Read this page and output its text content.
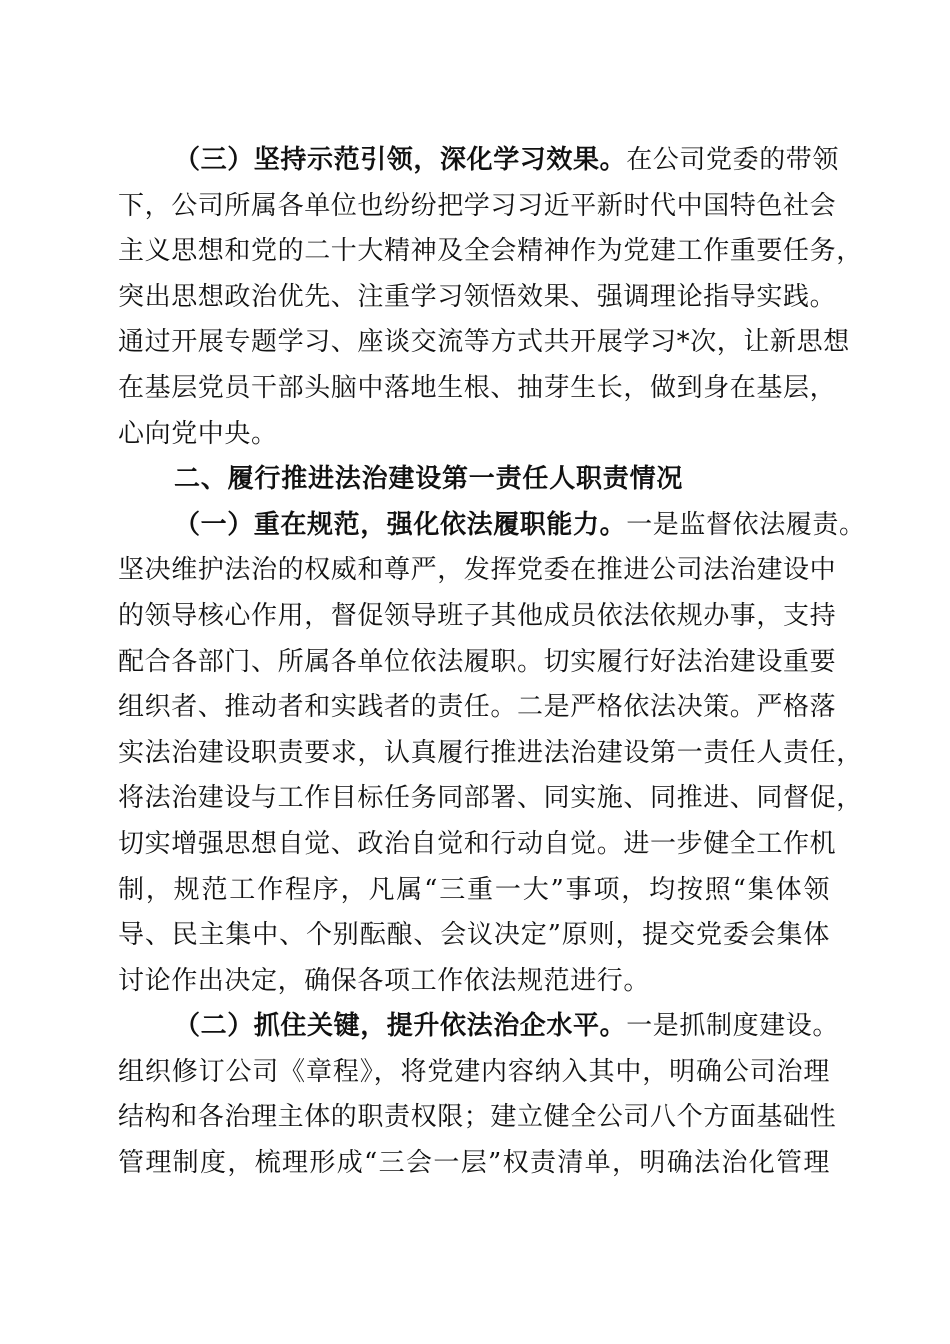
（三）坚持示范引领，深化学习效果。在公司党委的带领
下，公司所属各单位也纷纷把学习习近平新时代中国特色社会
主义思想和党的二十大精神及全会精神作为党建工作重要任务，
突出思想政治优先、注重学习领悟效果、强调理论指导实践。
通过开展专题学习、座谈交流等方式共开展学习*次，让新思想
在基层党员干部头脑中落地生根、抽芽生长，做到身在基层，
心向党中央。
二、履行推进法治建设第一责任人职责情况
（一）重在规范，强化依法履职能力。一是监督依法履责。
坚决维护法治的权威和尊严，发挥党委在推进公司法治建设中
的领导核心作用，督促领导班子其他成员依法依规办事，支持
配合各部门、所属各单位依法履职。切实履行好法治建设重要
组织者、推动者和实践者的责任。二是严格依法决策。严格落
实法治建设职责要求，认真履行推进法治建设第一责任人责任，
将法治建设与工作目标任务同部署、同实施、同推进、同督促，
切实增强思想自觉、政治自觉和行动自觉。进一步健全工作机
制，规范工作程序，凡属“三重一大”事项，均按照“集体领
导、民主集中、个别酝酿、会议决定”原则，提交党委会集体
讨论作出决定，确保各项工作依法规范进行。
（二）抓住关键，提升依法治企水平。一是抓制度建设。
组织修订公司《章程》，将党建内容纳入其中，明确公司治理
结构和各治理主体的职责权限；建立健全公司八个方面基础性
管理制度，梳理形成“三会一层”权责清单，明确法治化管理
